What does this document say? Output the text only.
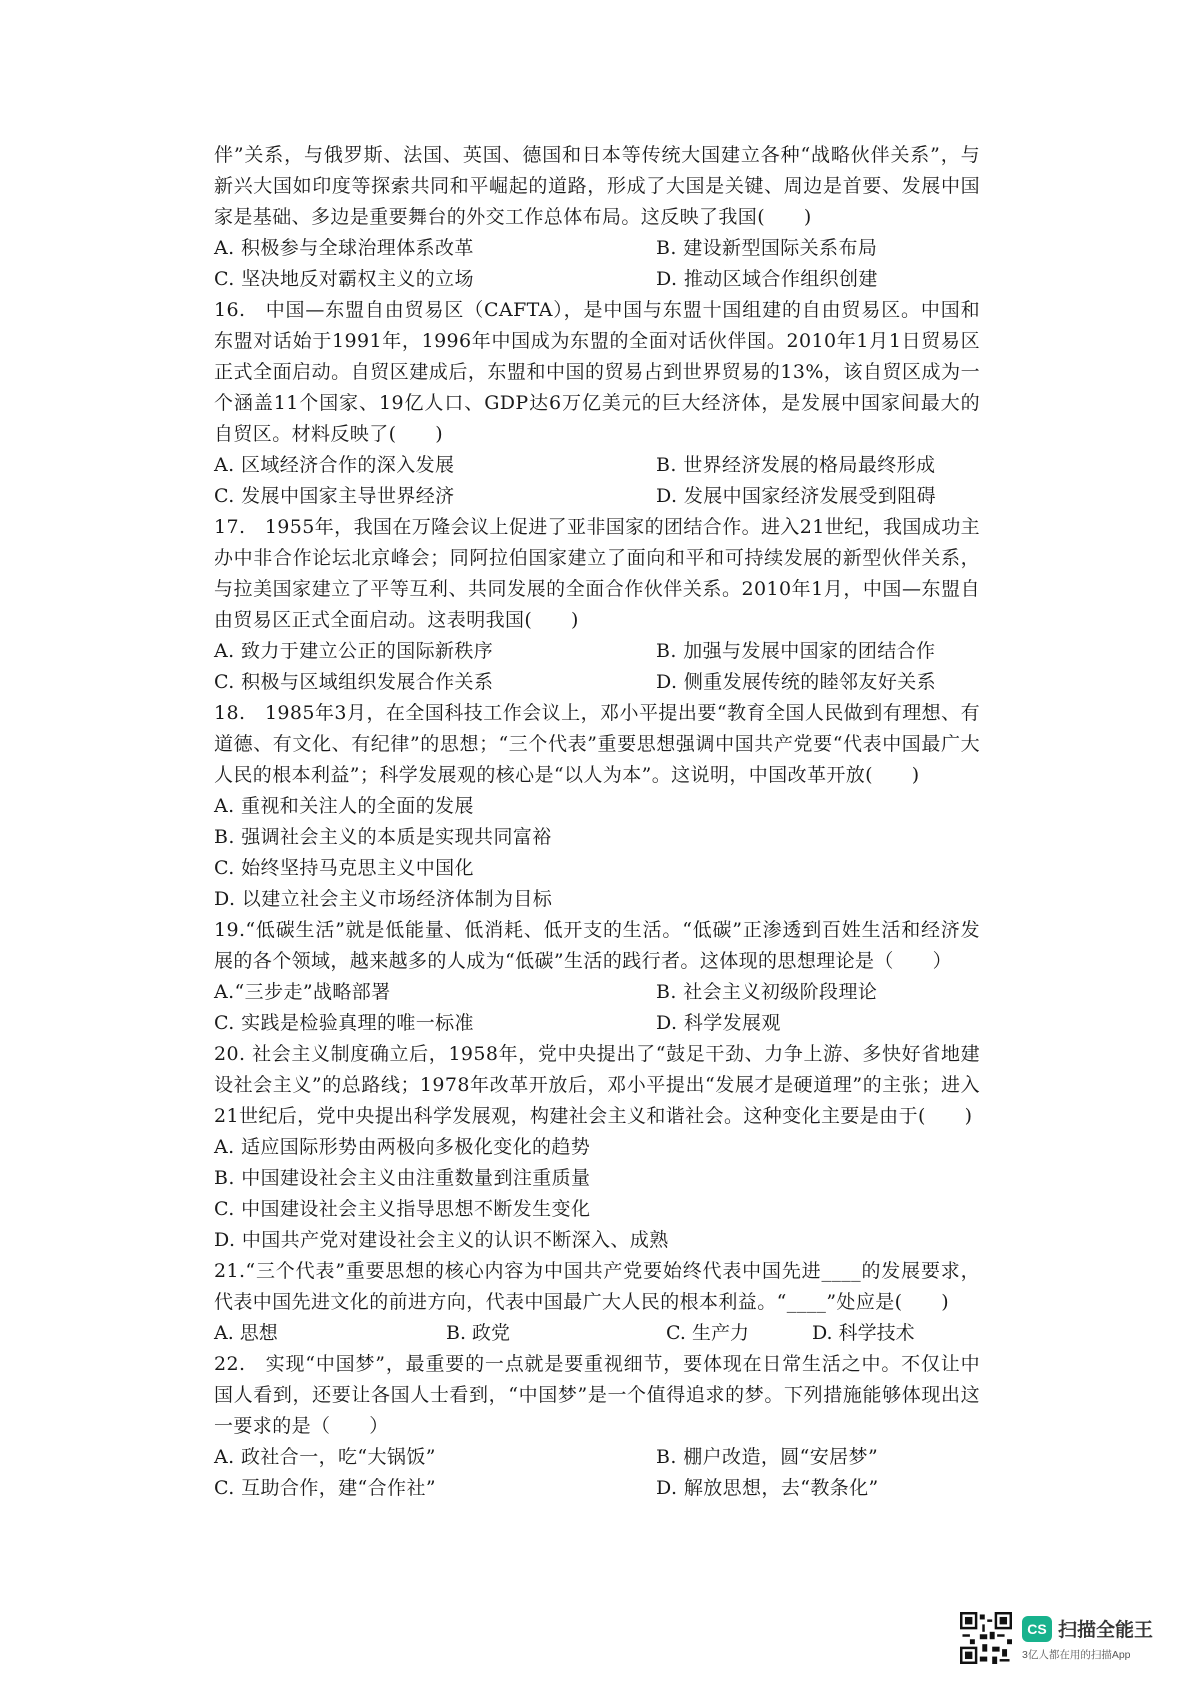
伴”关系，与俄罗斯、法国、英国、德国和日本等传统大国建立各种“战略伙伴关系”，与新兴大国如印度等探索共同和平崛起的道路，形成了大国是关键、周边是首要、发展中国家是基础、多边是重要舞台的外交工作总体布局。这反映了我国(　　)

A. 积极参与全球治理体系改革	B. 建设新型国际关系布局
C. 坚决地反对霸权主义的立场	D. 推动区域合作组织创建

16.　中国—东盟自由贸易区（CAFTA），是中国与东盟十国组建的自由贸易区。中国和东盟对话始于1991年，1996年中国成为东盟的全面对话伙伴国。2010年1月1日贸易区正式全面启动。自贸区建成后，东盟和中国的贸易占到世界贸易的13%，该自贸区成为一个涵盖11个国家、19亿人口、GDP达6万亿美元的巨大经济体，是发展中国家间最大的自贸区。材料反映了(　　)

A. 区域经济合作的深入发展	B. 世界经济发展的格局最终形成
C. 发展中国家主导世界经济	D. 发展中国家经济发展受到阻碍

17.　1955年，我国在万隆会议上促进了亚非国家的团结合作。进入21世纪，我国成功主办中非合作论坛北京峰会；同阿拉伯国家建立了面向和平和可持续发展的新型伙伴关系，与拉美国家建立了平等互利、共同发展的全面合作伙伴关系。2010年1月，中国—东盟自由贸易区正式全面启动。这表明我国(　　)

A. 致力于建立公正的国际新秩序	B. 加强与发展中国家的团结合作
C. 积极与区域组织发展合作关系	D. 侧重发展传统的睦邻友好关系

18.　1985年3月，在全国科技工作会议上，邓小平提出要“教育全国人民做到有理想、有道德、有文化、有纪律”的思想；“三个代表”重要思想强调中国共产党要“代表中国最广大人民的根本利益”；科学发展观的核心是“以人为本”。这说明，中国改革开放(　　)

A. 重视和关注人的全面的发展
B. 强调社会主义的本质是实现共同富裕
C. 始终坚持马克思主义中国化
D. 以建立社会主义市场经济体制为目标

19.“低碳生活”就是低能量、低消耗、低开支的生活。“低碳”正渗透到百姓生活和经济发展的各个领域，越来越多的人成为“低碳”生活的践行者。这体现的思想理论是（　　）

A.“三步走”战略部署	B. 社会主义初级阶段理论
C. 实践是检验真理的唯一标准	D. 科学发展观

20. 社会主义制度确立后，1958年，党中央提出了“鼓足干劲、力争上游、多快好省地建设社会主义”的总路线；1978年改革开放后，邓小平提出“发展才是硬道理”的主张；进入21世纪后，党中央提出科学发展观，构建社会主义和谐社会。这种变化主要是由于(　　)

A. 适应国际形势由两极向多极化变化的趋势
B. 中国建设社会主义由注重数量到注重质量
C. 中国建设社会主义指导思想不断发生变化
D. 中国共产党对建设社会主义的认识不断深入、成熟

21.“三个代表”重要思想的核心内容为中国共产党要始终代表中国先进____的发展要求，代表中国先进文化的前进方向，代表中国最广大人民的根本利益。“____”处应是(　　)

A. 思想	B. 政党	C. 生产力	D. 科学技术

22.　实现“中国梦”，最重要的一点就是要重视细节，要体现在日常生活之中。不仅让中国人看到，还要让各国人士看到，“中国梦”是一个值得追求的梦。下列措施能够体现出这一要求的是（　　）

A. 政社合一，吃“大锅饭”	B. 棚户改造，圆“安居梦”
C. 互助合作，建“合作社”	D. 解放思想，去“教条化”
CS 扫描全能王
3亿人都在用的扫描App
